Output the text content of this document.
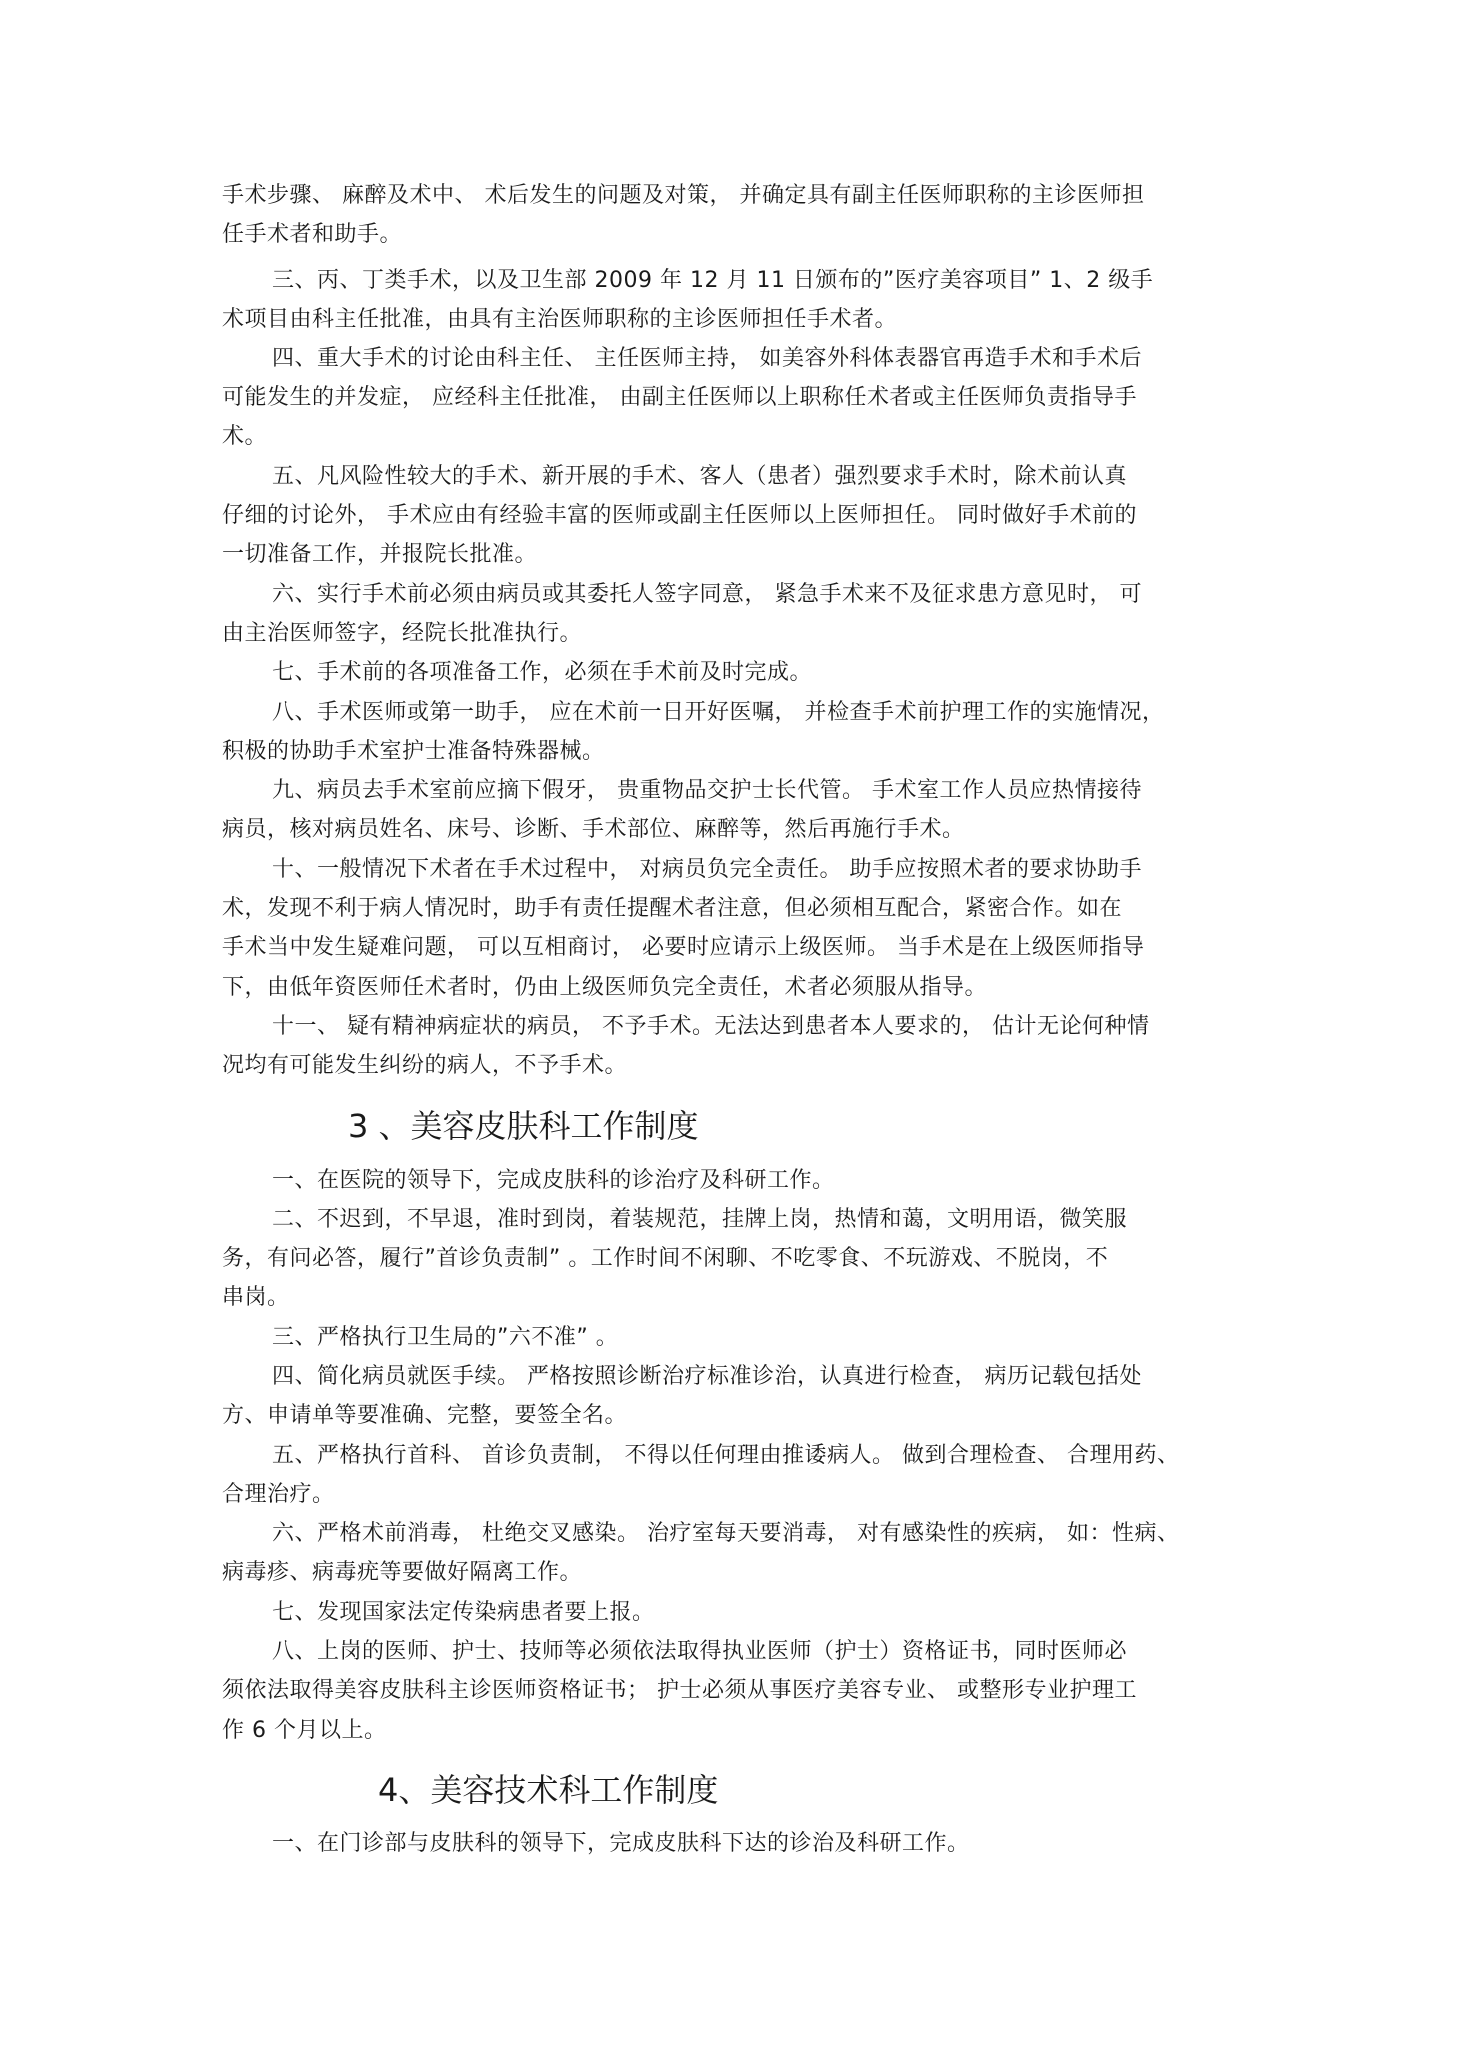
手术步骤、 麻醉及术中、 术后发生的问题及对策， 并确定具有副主任医师职称的主诊医师担

任手术者和助手。

三、丙、丁类手术，以及卫生部 2009 年 12 月 11 日颁布的”医疗美容项目” 1、2 级手

术项目由科主任批准，由具有主治医师职称的主诊医师担任手术者。

四、重大手术的讨论由科主任、 主任医师主持， 如美容外科体表器官再造手术和手术后

可能发生的并发症， 应经科主任批准， 由副主任医师以上职称任术者或主任医师负责指导手

术。

五、凡风险性较大的手术、新开展的手术、客人（患者）强烈要求手术时，除术前认真

仔细的讨论外， 手术应由有经验丰富的医师或副主任医师以上医师担任。 同时做好手术前的

一切准备工作，并报院长批准。

六、实行手术前必须由病员或其委托人签字同意， 紧急手术来不及征求患方意见时， 可

由主治医师签字，经院长批准执行。

七、手术前的各项准备工作，必须在手术前及时完成。

八、手术医师或第一助手， 应在术前一日开好医嘱， 并检查手术前护理工作的实施情况，

积极的协助手术室护士准备特殊器械。

九、病员去手术室前应摘下假牙， 贵重物品交护士长代管。 手术室工作人员应热情接待

病员，核对病员姓名、床号、诊断、手术部位、麻醉等，然后再施行手术。

十、一般情况下术者在手术过程中， 对病员负完全责任。 助手应按照术者的要求协助手

术，发现不利于病人情况时，助手有责任提醒术者注意，但必须相互配合，紧密合作。如在

手术当中发生疑难问题， 可以互相商讨， 必要时应请示上级医师。 当手术是在上级医师指导

下，由低年资医师任术者时，仍由上级医师负完全责任，术者必须服从指导。

十一、 疑有精神病症状的病员， 不予手术。无法达到患者本人要求的， 估计无论何种情

况均有可能发生纠纷的病人，不予手术。

3 、美容皮肤科工作制度

一、在医院的领导下，完成皮肤科的诊治疗及科研工作。

二、不迟到，不早退，准时到岗，着装规范，挂牌上岗，热情和蔼，文明用语，微笑服

务，有问必答，履行”首诊负责制” 。工作时间不闲聊、不吃零食、不玩游戏、不脱岗，不

串岗。

三、严格执行卫生局的”六不准” 。

四、简化病员就医手续。 严格按照诊断治疗标准诊治，认真进行检查， 病历记载包括处

方、申请单等要准确、完整，要签全名。

五、严格执行首科、 首诊负责制， 不得以任何理由推诿病人。 做到合理检查、 合理用药、

合理治疗。

六、严格术前消毒， 杜绝交叉感染。 治疗室每天要消毒， 对有感染性的疾病， 如：性病、

病毒疹、病毒疣等要做好隔离工作。

七、发现国家法定传染病患者要上报。

八、上岗的医师、护士、技师等必须依法取得执业医师（护士）资格证书，同时医师必

须依法取得美容皮肤科主诊医师资格证书； 护士必须从事医疗美容专业、 或整形专业护理工

作 6 个月以上。

4、美容技术科工作制度

一、在门诊部与皮肤科的领导下，完成皮肤科下达的诊治及科研工作。
